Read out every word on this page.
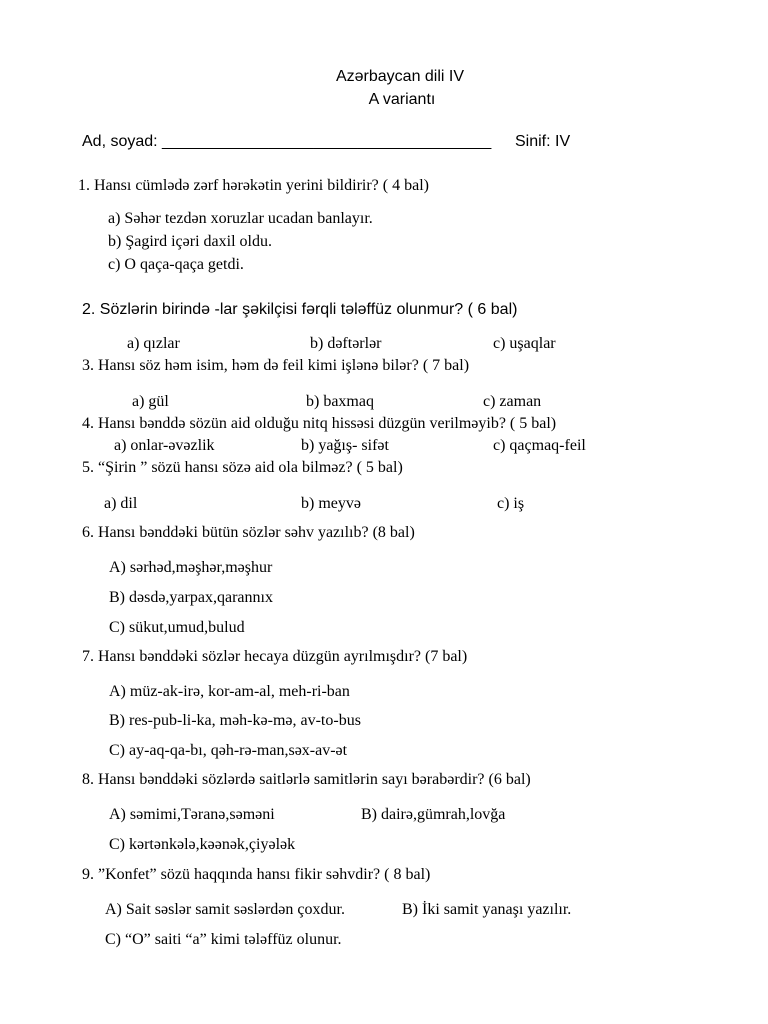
Azərbaycan dili IV
A variantı
Ad, soyad: _____________________________________ Sinif: IV
1. Hansı cümlədə zərf hərəkətin yerini bildirir? ( 4 bal)
a) Səhər tezdən xoruzlar ucadan banlayır.
b) Şagird içəri daxil oldu.
c) O qaça-qaça getdi.
2. Sözlərin birində -lar şəkilçisi fərqli tələffüz olunmur? ( 6 bal)
a) qızlar	b) dəftərlər	c) uşaqlar
3. Hansı söz həm isim, həm də feil kimi işlənə bilər? ( 7 bal)
a) gül	b) baxmaq	c) zaman
4. Hansı bənddə sözün aid olduğu nitq hissəsi düzgün verilməyib? ( 5 bal)
a) onlar-əvəzlik	b) yağış- sifət	c) qaçmaq-feil
5. “Şirin ” sözü hansı sözə aid ola bilməz? ( 5 bal)
a) dil	b) meyvə	c) iş
6. Hansı bənddəki bütün sözlər səhv yazılıb? (8 bal)
A) sərhəd,məşhər,məşhur
B) dəsdə,yarpax,qarannıx
C) sükut,umud,bulud
7. Hansı bənddəki sözlər hecaya düzgün ayrılmışdır? (7 bal)
A) müz-ak-irə, kor-am-al, meh-ri-ban
B) res-pub-li-ka, məh-kə-mə, av-to-bus
C) ay-aq-qa-bı, qəh-rə-man,səx-av-ət
8. Hansı bənddəki sözlərdə saitlərlə samitlərin sayı bərabərdir? (6 bal)
A) səmimi,Təranə,səməni	B) dairə,gümrah,lovğa
C) kərtənkələ,kəənək,çiyələk
9. ”Konfet” sözü haqqında hansı fikir səhvdir? ( 8 bal)
A) Sait səslər samit səslərdən çoxdur.	B) İki samit yanaşı yazılır.
C) “O” saiti “a” kimi tələffüz olunur.
